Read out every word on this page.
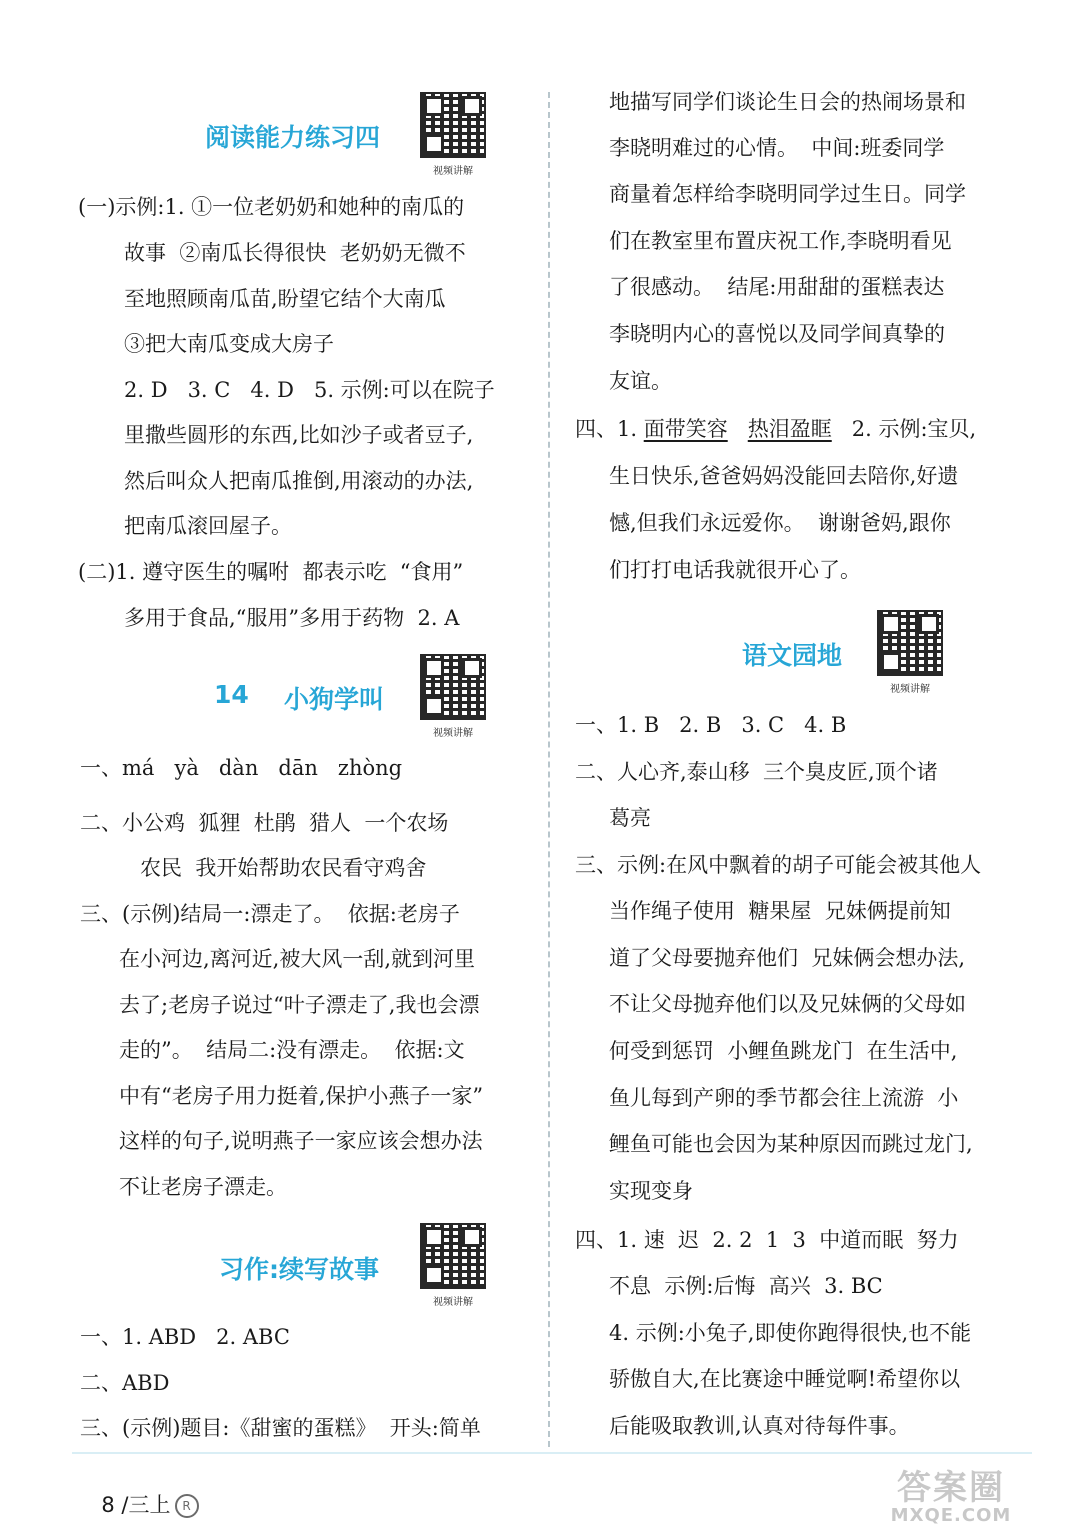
阅读能力练习四
视频讲解
(一)示例:1. ①一位老奶奶和她种的南瓜的
故事  ②南瓜长得很快  老奶奶无微不
至地照顾南瓜苗,盼望它结个大南瓜
③把大南瓜变成大房子
2. D   3. C   4. D   5. 示例:可以在院子
里撒些圆形的东西,比如沙子或者豆子,
然后叫众人把南瓜推倒,用滚动的办法,
把南瓜滚回屋子。
(二)1. 遵守医生的嘱咐  都表示吃  “食用”
多用于食品,“服用”多用于药物  2. A
14 小狗学叫
视频讲解
一、má   yà   dàn   dān   zhòng
二、小公鸡  狐狸  杜鹃  猎人  一个农场
农民  我开始帮助农民看守鸡舍
三、(示例)结局一:漂走了。  依据:老房子
在小河边,离河近,被大风一刮,就到河里
去了;老房子说过“叶子漂走了,我也会漂
走的”。  结局二:没有漂走。  依据:文
中有“老房子用力挺着,保护小燕子一家”
这样的句子,说明燕子一家应该会想办法
不让老房子漂走。
习作:续写故事
视频讲解
一、1. ABD   2. ABC
二、ABD
三、(示例)题目:《甜蜜的蛋糕》  开头:简单
地描写同学们谈论生日会的热闹场景和
李晓明难过的心情。  中间:班委同学
商量着怎样给李晓明同学过生日。同学
们在教室里布置庆祝工作,李晓明看见
了很感动。  结尾:用甜甜的蛋糕表达
李晓明内心的喜悦以及同学间真挚的
友谊。
四、1. 面带笑容 热泪盈眶   2. 示例:宝贝,
生日快乐,爸爸妈妈没能回去陪你,好遗
憾,但我们永远爱你。  谢谢爸妈,跟你
们打打电话我就很开心了。
语文园地
视频讲解
一、1. B   2. B   3. C   4. B
二、人心齐,泰山移  三个臭皮匠,顶个诸
葛亮
三、示例:在风中飘着的胡子可能会被其他人
当作绳子使用  糖果屋  兄妹俩提前知
道了父母要抛弃他们  兄妹俩会想办法,
不让父母抛弃他们以及兄妹俩的父母如
何受到惩罚  小鲤鱼跳龙门  在生活中,
鱼儿每到产卵的季节都会往上流游  小
鲤鱼可能也会因为某种原因而跳过龙门,
实现变身
四、1. 速  迟  2. 2  1  3  中道而眠  努力
不息  示例:后悔  高兴  3. BC
4. 示例:小兔子,即使你跑得很快,也不能
骄傲自大,在比赛途中睡觉啊!希望你以
后能吸取教训,认真对待每件事。

8 /三上 R	答案圈
MXQE.COM
